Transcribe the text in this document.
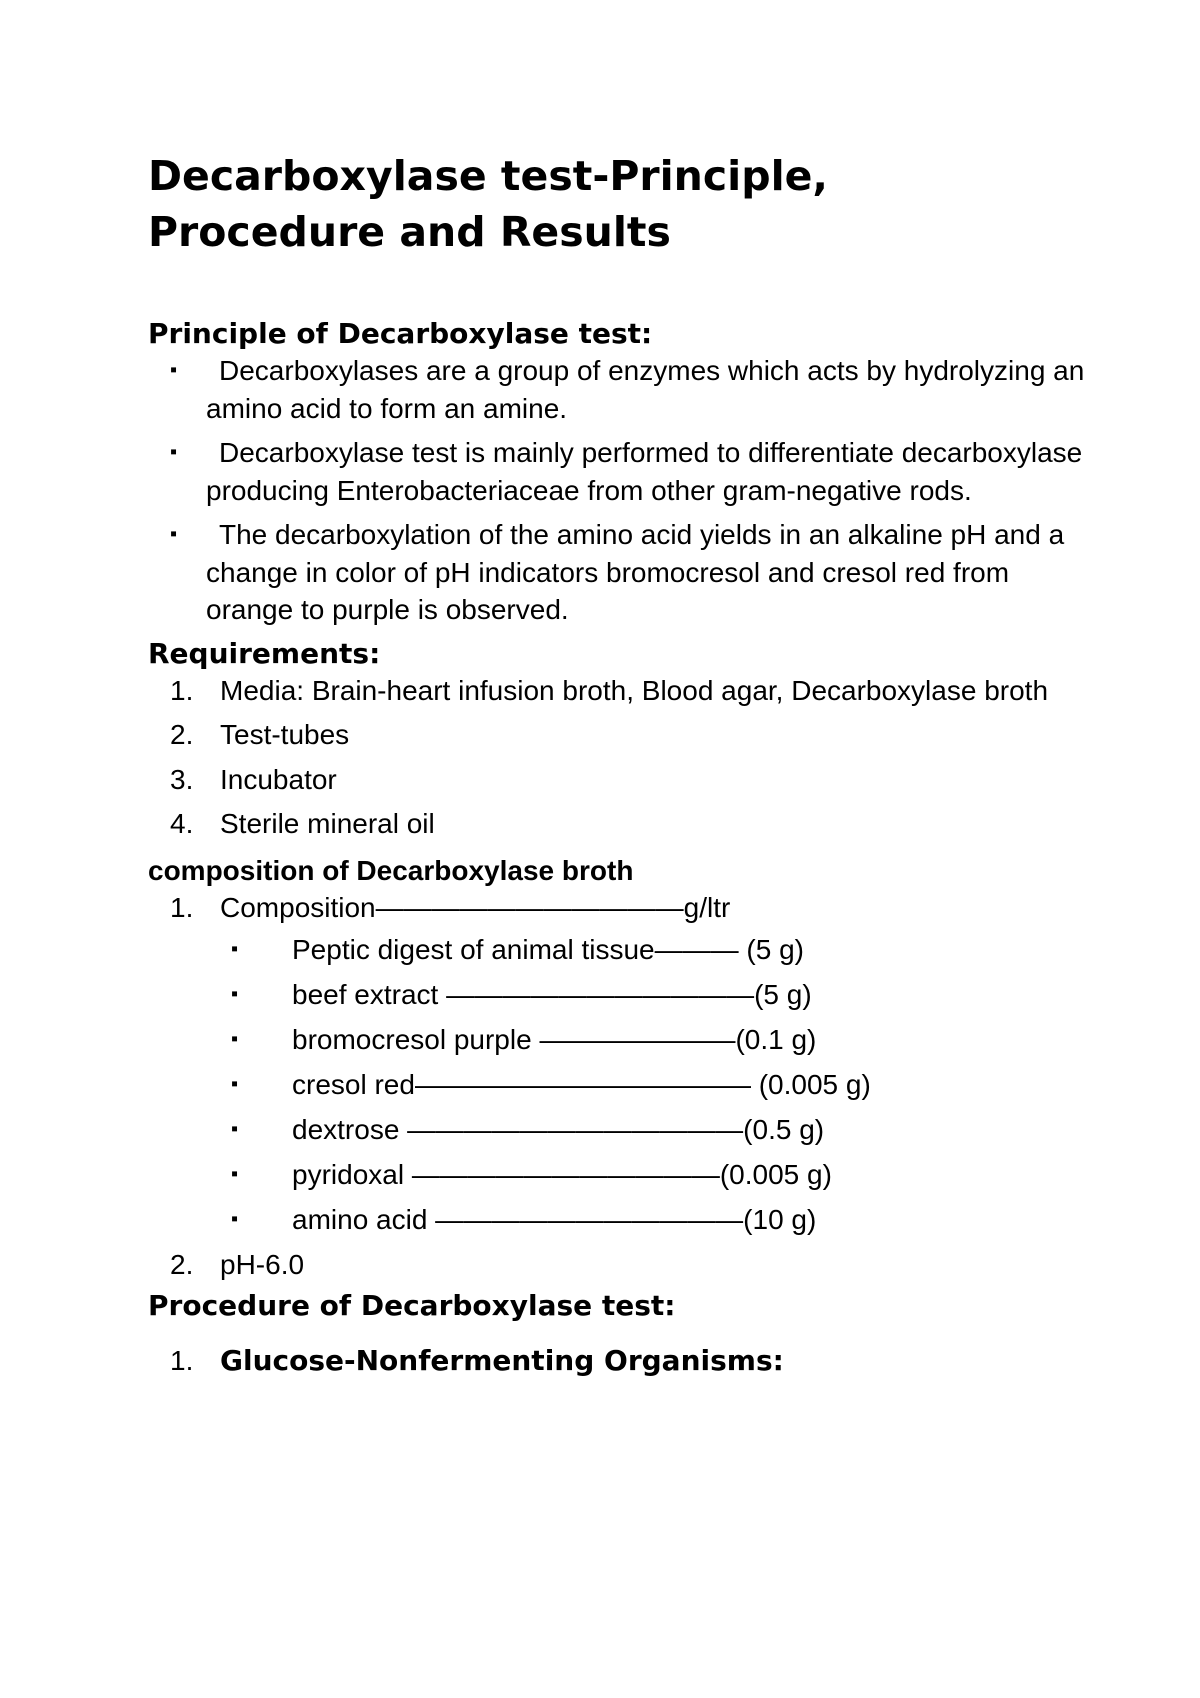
Decarboxylase test-Principle,
Procedure and Results
Principle of Decarboxylase test:
▪	Decarboxylases are a group of enzymes which acts by hydrolyzing an amino acid to form an amine.
▪	Decarboxylase test is mainly performed to differentiate decarboxylase producing Enterobacteriaceae from other gram-negative rods.
▪	The decarboxylation of the amino acid yields in an alkaline pH and a change in color of pH indicators bromocresol and cresol red from orange to purple is observed.
Requirements:
1. Media: Brain-heart infusion broth, Blood agar, Decarboxylase broth
2. Test-tubes
3. Incubator
4. Sterile mineral oil
composition of Decarboxylase broth
1. Composition———————————g/ltr
▪ Peptic digest of animal tissue——— (5 g)
▪ beef extract ———————————(5 g)
▪ bromocresol purple ———————(0.1 g)
▪ cresol red———————————— (0.005 g)
▪ dextrose ————————————(0.5 g)
▪ pyridoxal ———————————(0.005 g)
▪ amino acid ———————————(10 g)
2. pH-6.0
Procedure of Decarboxylase test:
1. Glucose-Nonfermenting Organisms:
